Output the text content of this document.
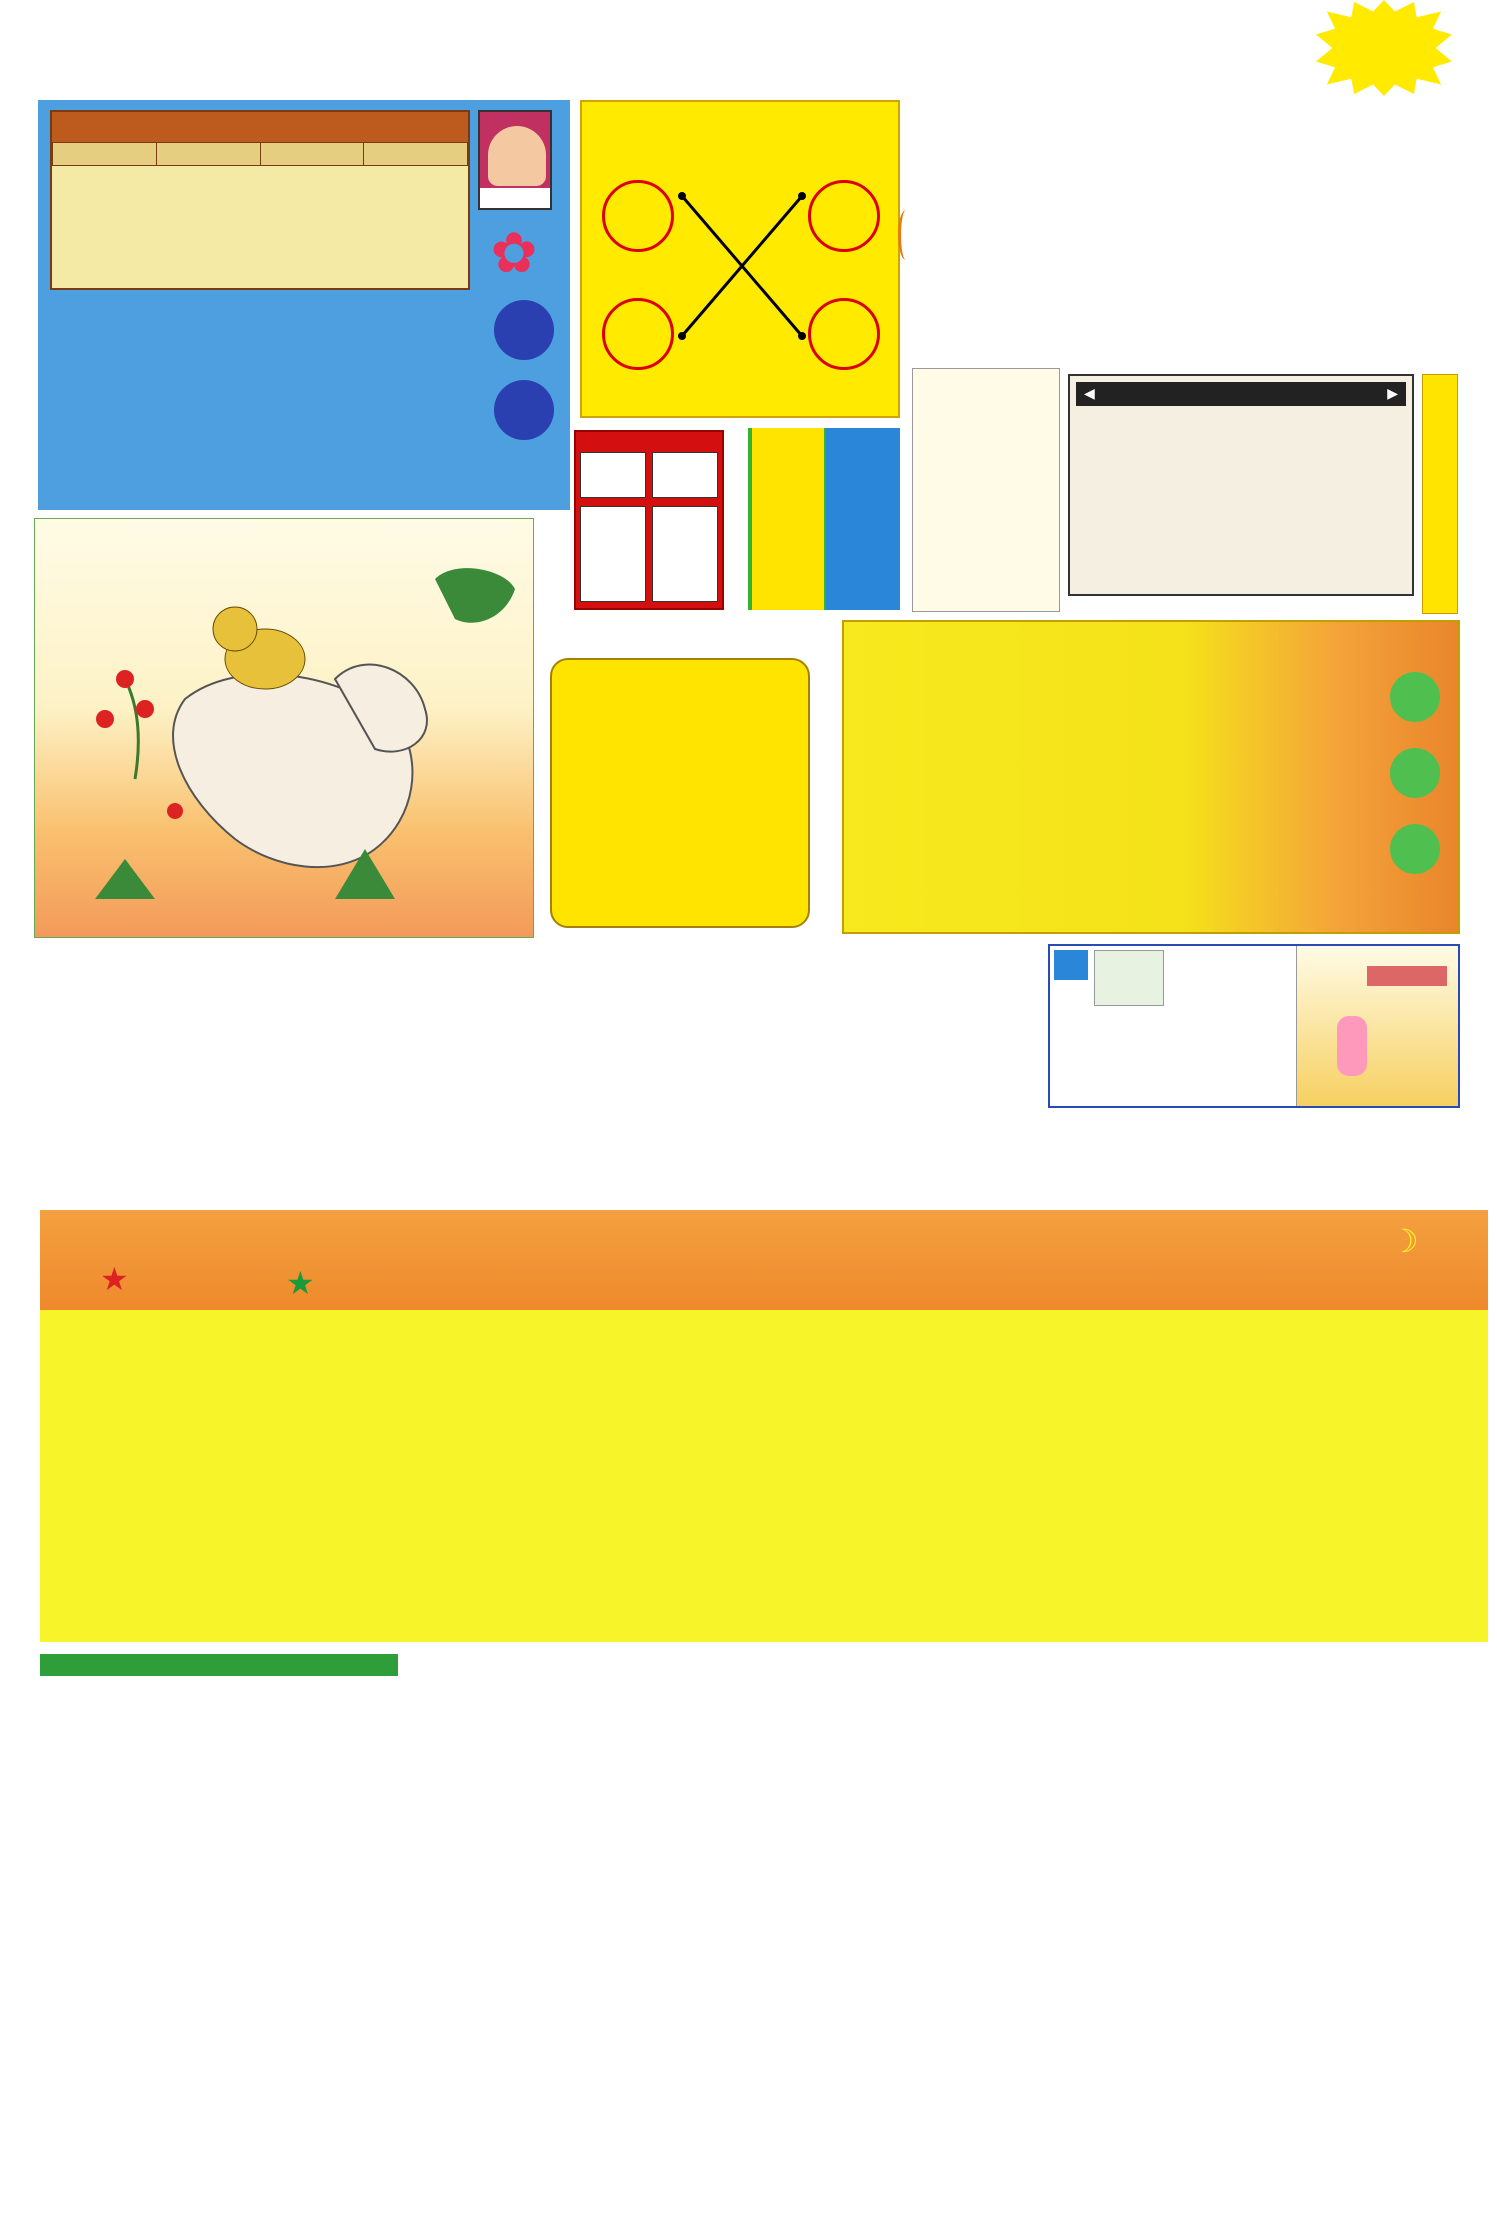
✿
◀	▶
★	★
☽
